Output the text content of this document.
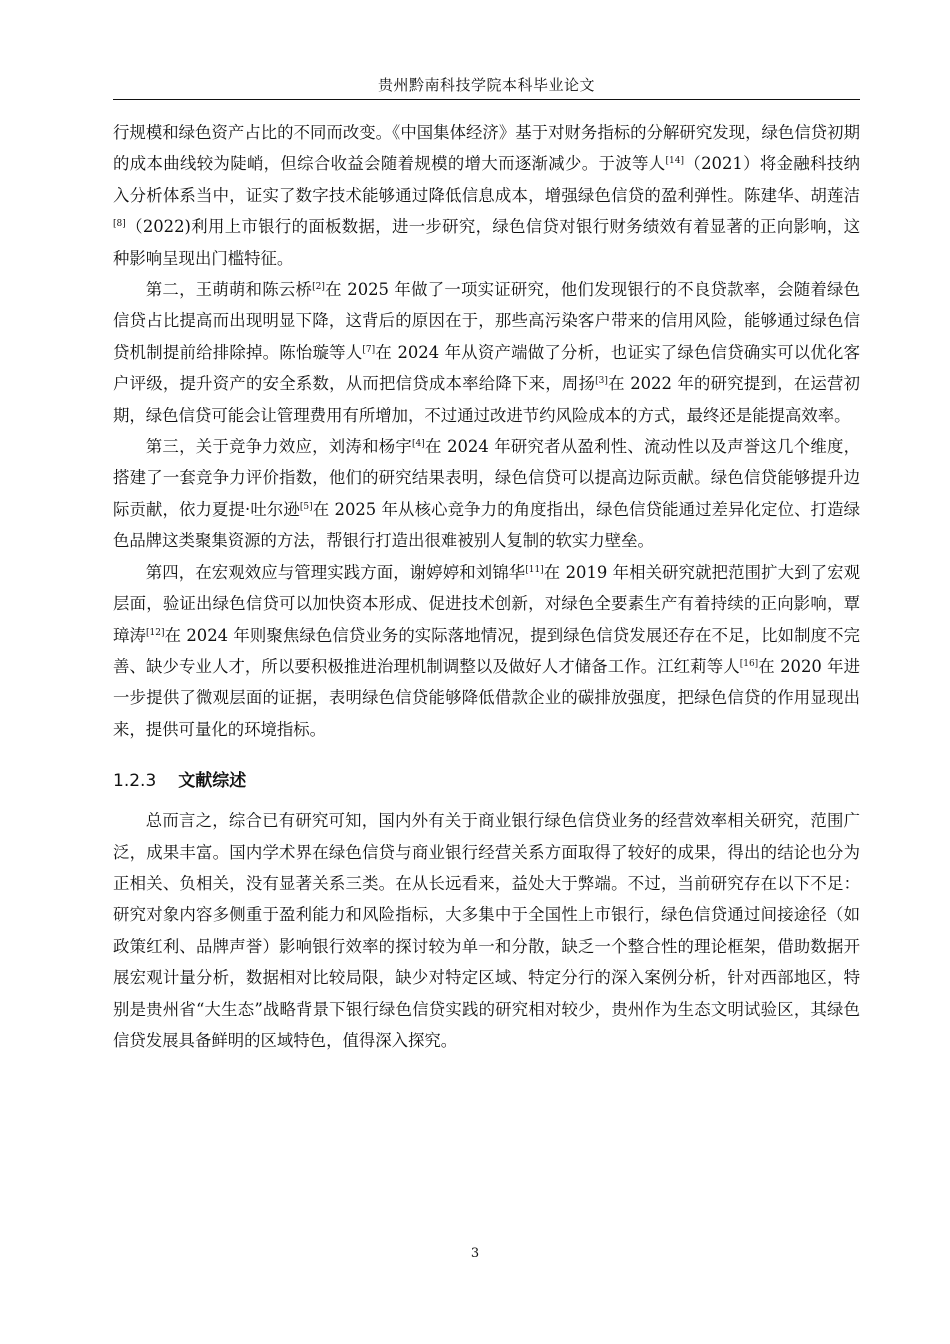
贵州黔南科技学院本科毕业论文

行规模和绿色资产占比的不同而改变。《中国集体经济》基于对财务指标的分解研究发现，绿色信贷初期的成本曲线较为陡峭，但综合收益会随着规模的增大而逐渐减少。于波等人[14]（2021）将金融科技纳入分析体系当中，证实了数字技术能够通过降低信息成本，增强绿色信贷的盈利弹性。陈建华、胡莲洁[8]（2022)利用上市银行的面板数据，进一步研究，绿色信贷对银行财务绩效有着显著的正向影响，这种影响呈现出门槛特征。

第二，王萌萌和陈云桥[2]在 2025 年做了一项实证研究，他们发现银行的不良贷款率，会随着绿色信贷占比提高而出现明显下降，这背后的原因在于，那些高污染客户带来的信用风险，能够通过绿色信贷机制提前给排除掉。陈怡璇等人[7]在 2024 年从资产端做了分析，也证实了绿色信贷确实可以优化客户评级，提升资产的安全系数，从而把信贷成本率给降下来，周扬[3]在 2022 年的研究提到，在运营初期，绿色信贷可能会让管理费用有所增加，不过通过改进节约风险成本的方式，最终还是能提高效率。

第三，关于竞争力效应，刘涛和杨宇[4]在 2024 年研究者从盈利性、流动性以及声誉这几个维度，搭建了一套竞争力评价指数，他们的研究结果表明，绿色信贷可以提高边际贡献。绿色信贷能够提升边际贡献，依力夏提·吐尔逊[5]在 2025 年从核心竞争力的角度指出，绿色信贷能通过差异化定位、打造绿色品牌这类聚集资源的方法，帮银行打造出很难被别人复制的软实力壁垒。

第四，在宏观效应与管理实践方面，谢婷婷和刘锦华[11]在 2019 年相关研究就把范围扩大到了宏观层面，验证出绿色信贷可以加快资本形成、促进技术创新，对绿色全要素生产有着持续的正向影响，覃璋涛[12]在 2024 年则聚焦绿色信贷业务的实际落地情况，提到绿色信贷发展还存在不足，比如制度不完善、缺少专业人才，所以要积极推进治理机制调整以及做好人才储备工作。江红莉等人[16]在 2020 年进一步提供了微观层面的证据，表明绿色信贷能够降低借款企业的碳排放强度，把绿色信贷的作用显现出来，提供可量化的环境指标。

1.2.3 文献综述

总而言之，综合已有研究可知，国内外有关于商业银行绿色信贷业务的经营效率相关研究，范围广泛，成果丰富。国内学术界在绿色信贷与商业银行经营关系方面取得了较好的成果，得出的结论也分为正相关、负相关，没有显著关系三类。在从长远看来，益处大于弊端。不过，当前研究存在以下不足：研究对象内容多侧重于盈利能力和风险指标，大多集中于全国性上市银行，绿色信贷通过间接途径（如政策红利、品牌声誉）影响银行效率的探讨较为单一和分散，缺乏一个整合性的理论框架，借助数据开展宏观计量分析，数据相对比较局限，缺少对特定区域、特定分行的深入案例分析，针对西部地区，特别是贵州省“大生态”战略背景下银行绿色信贷实践的研究相对较少，贵州作为生态文明试验区，其绿色信贷发展具备鲜明的区域特色，值得深入探究。

3
